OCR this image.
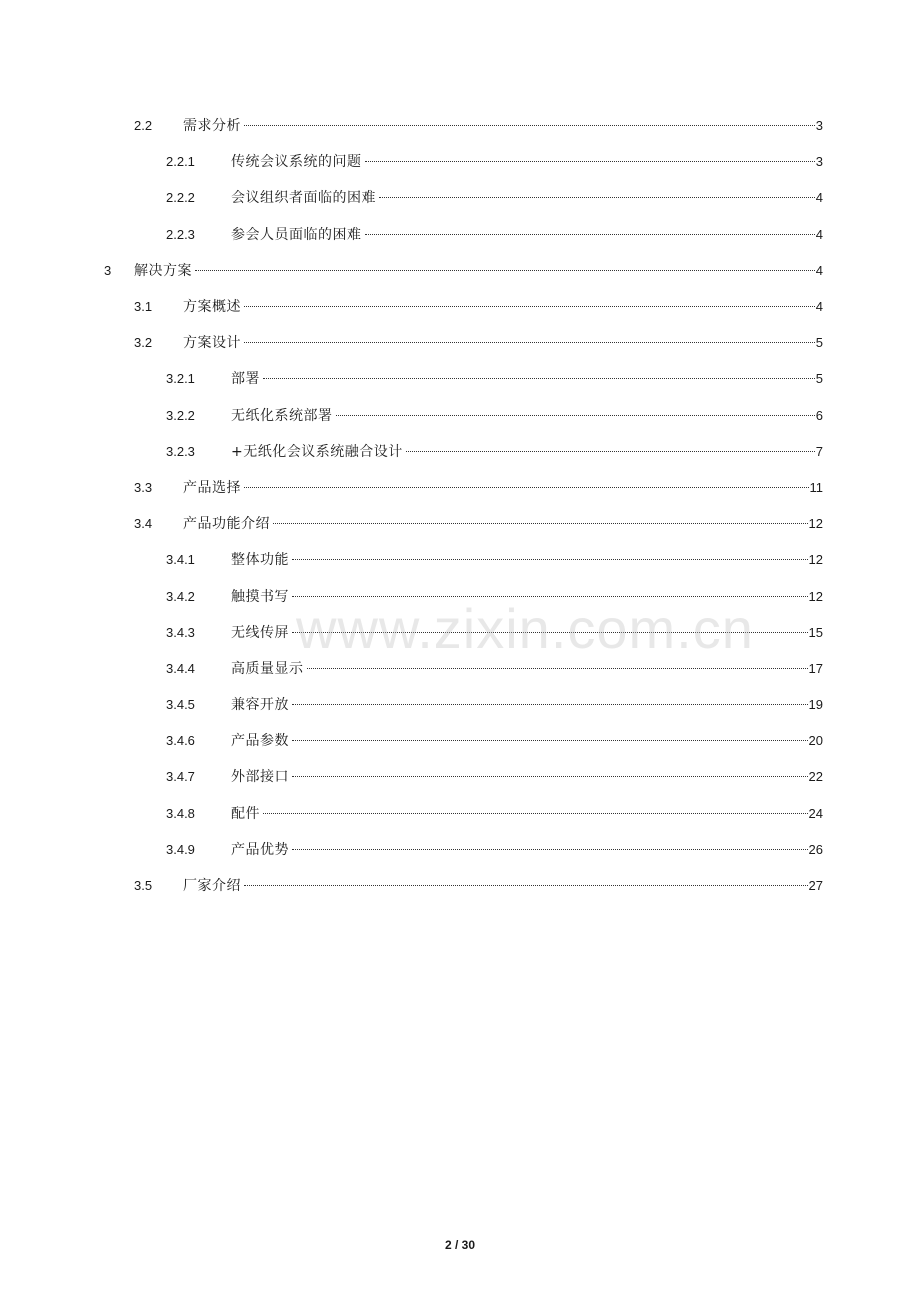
2.2 需求分析	3
2.2.1	传统会议系统的问题	3
2.2.2	会议组织者面临的困难	4
2.2.3	参会人员面临的困难	4
3 解决方案	4
3.1 方案概述	4
3.2 方案设计	5
3.2.1	部署	5
3.2.2	无纸化系统部署	6
3.2.3	+无纸化会议系统融合设计	7
3.3 产品选择	11
3.4 产品功能介绍	12
3.4.1	整体功能	12
3.4.2	触摸书写	12
3.4.3	无线传屏	15
3.4.4	高质量显示	17
3.4.5	兼容开放	19
3.4.6	产品参数	20
3.4.7	外部接口	22
3.4.8	配件	24
3.4.9	产品优势	26
3.5 厂家介绍	27
www.zixin.com.cn
2 / 30
